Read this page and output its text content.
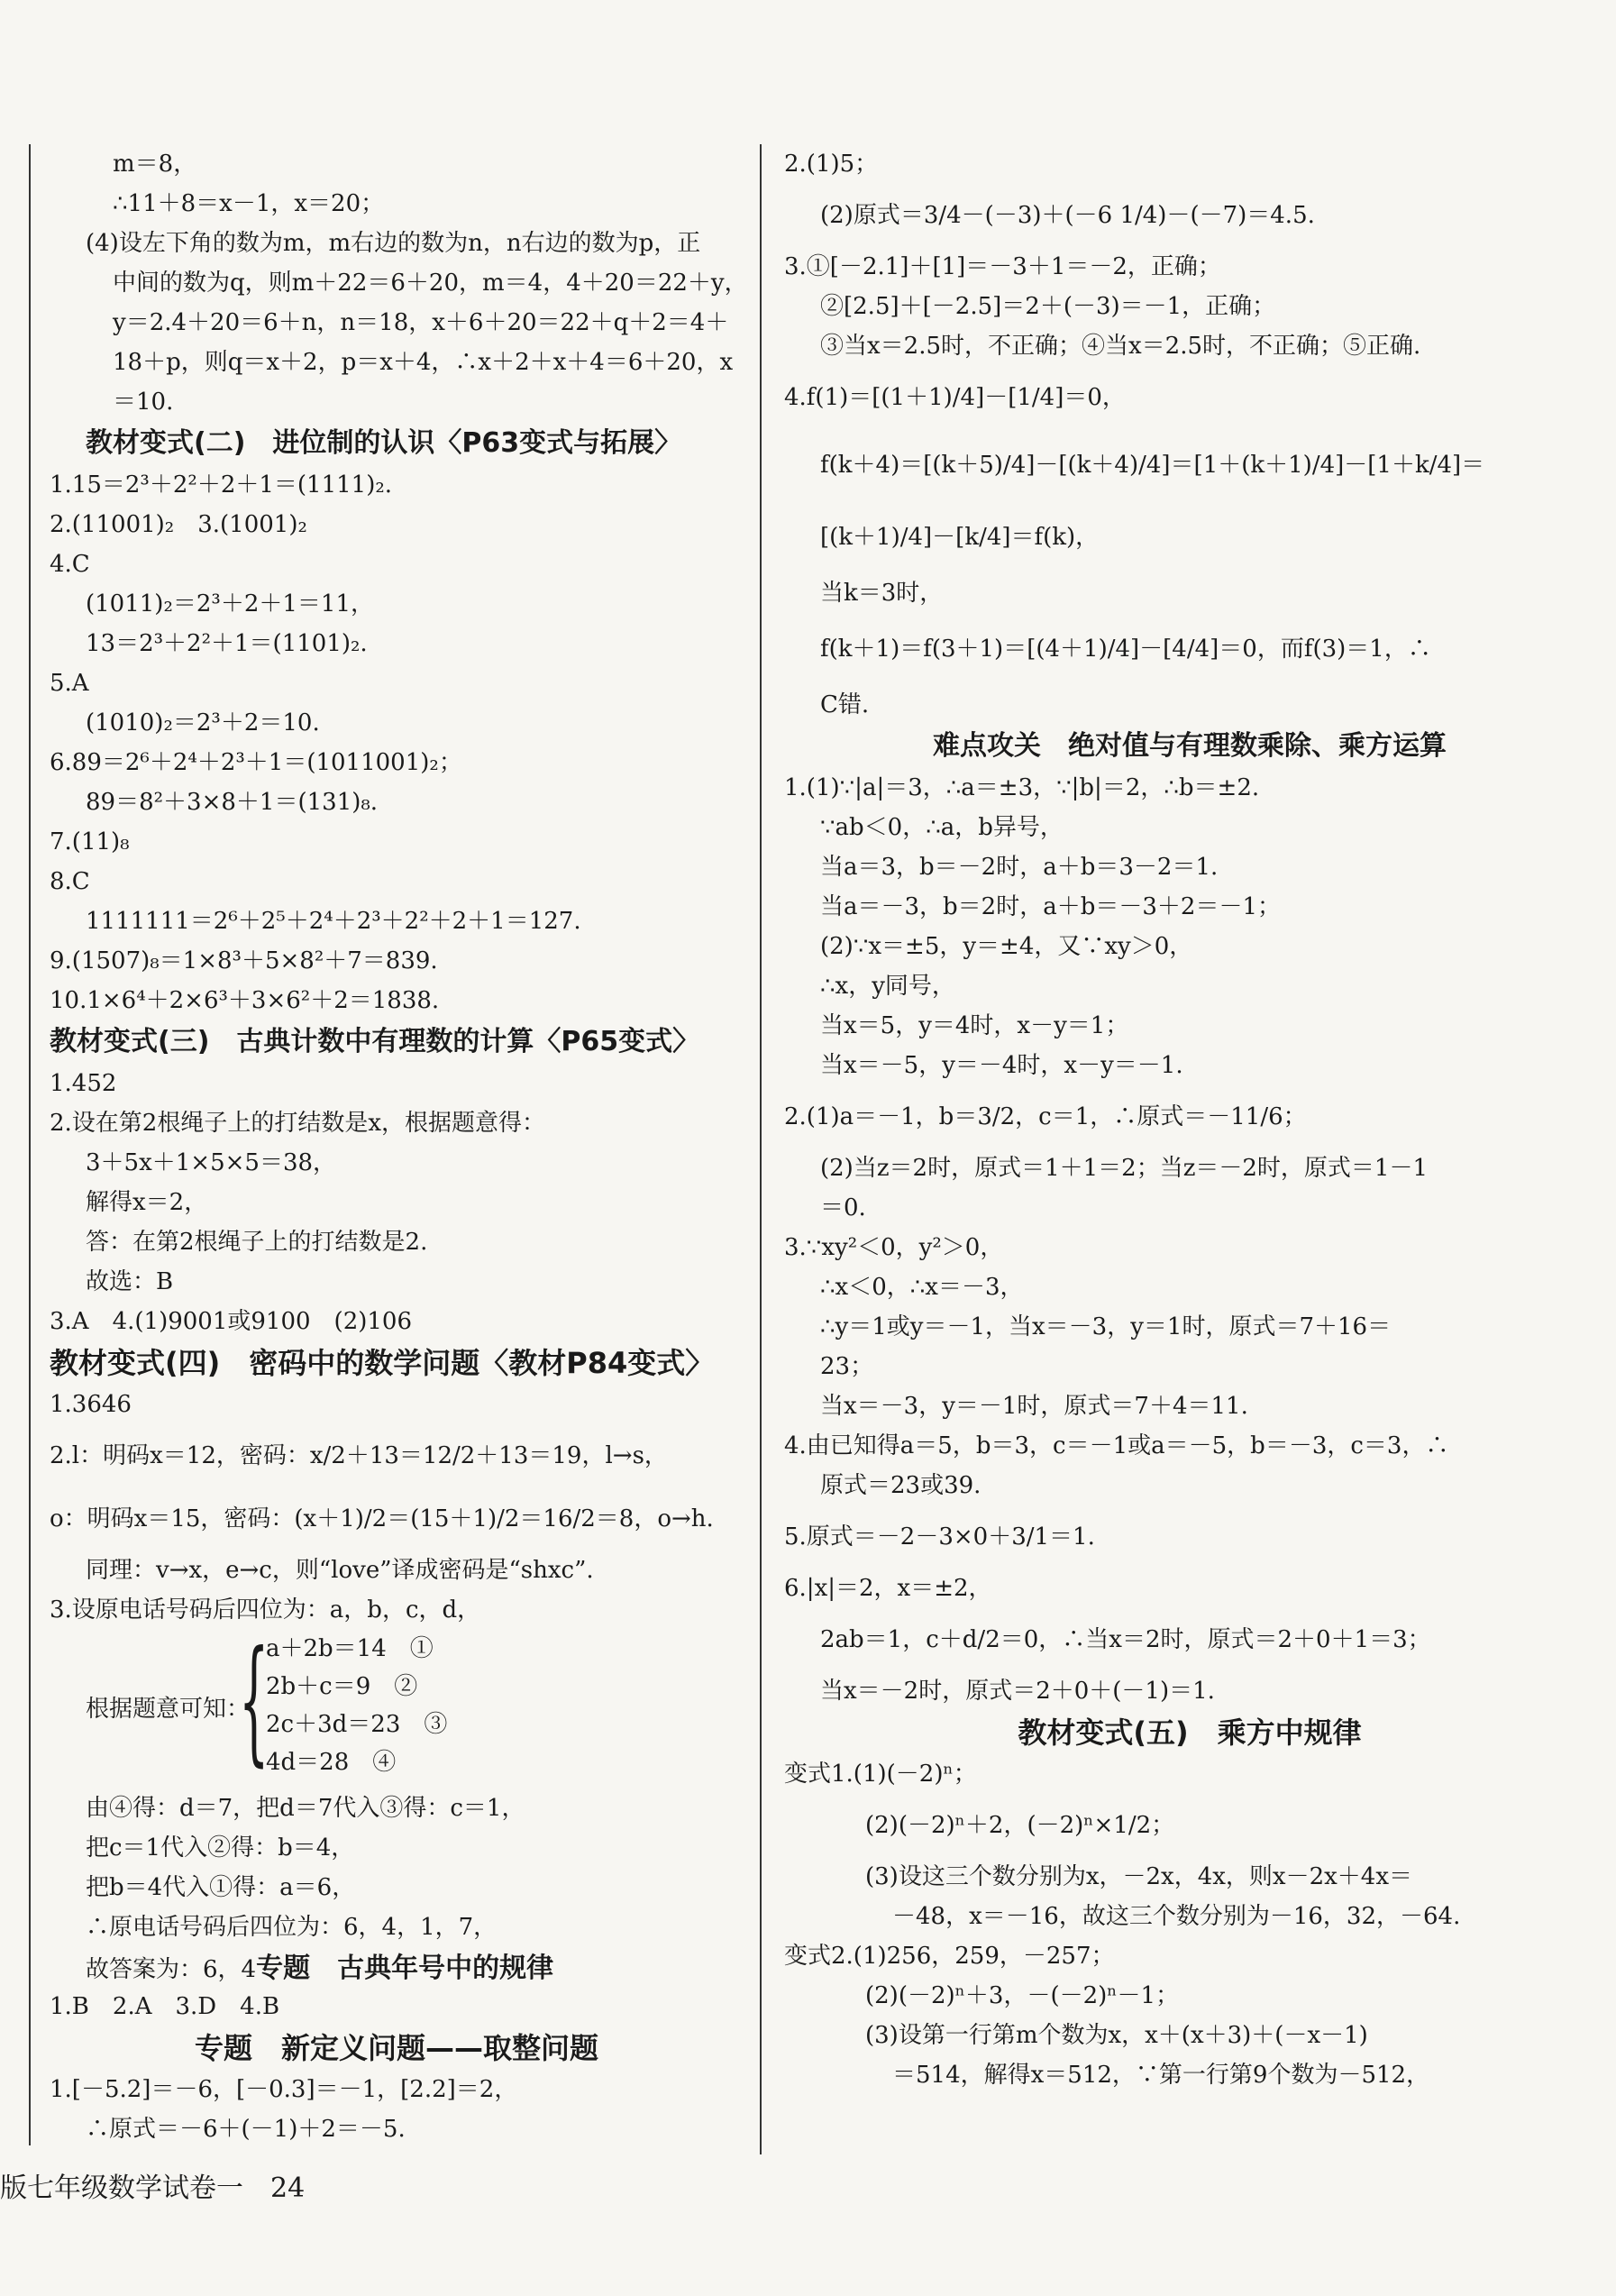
m＝8，
∴11＋8＝x－1，x＝20；
(4)设左下角的数为m，m右边的数为n，n右边的数为p，正
中间的数为q，则m＋22＝6＋20，m＝4，4＋20＝22＋y，
y＝2.4＋20＝6＋n，n＝18，x＋6＋20＝22＋q＋2＝4＋
18＋p，则q＝x＋2，p＝x＋4，∴x＋2＋x＋4＝6＋20，x
＝10.
教材变式(二)　进位制的认识〈P63变式与拓展〉
1.15＝2³＋2²＋2＋1＝(1111)₂.
2.(11001)₂　3.(1001)₂
4.C
(1011)₂＝2³＋2＋1＝11，
13＝2³＋2²＋1＝(1101)₂.
5.A
(1010)₂＝2³＋2＝10.
6.89＝2⁶＋2⁴＋2³＋1＝(1011001)₂；
89＝8²＋3×8＋1＝(131)₈.
7.(11)₈
8.C
1111111＝2⁶＋2⁵＋2⁴＋2³＋2²＋2＋1＝127.
9.(1507)₈＝1×8³＋5×8²＋7＝839.
10.1×6⁴＋2×6³＋3×6²＋2＝1838.
教材变式(三)　古典计数中有理数的计算〈P65变式〉
1.452
2.设在第2根绳子上的打结数是x，根据题意得：
3＋5x＋1×5×5＝38，
解得x＝2，
答：在第2根绳子上的打结数是2.
故选：B
3.A　4.(1)9001或9100　(2)106
教材变式(四)　密码中的数学问题〈教材P84变式〉
1.3646
2.l：明码x＝12，密码：x/2＋13＝12/2＋13＝19，l→s，
o：明码x＝15，密码：(x＋1)/2＝(15＋1)/2＝16/2＝8，o→h.
同理：v→x，e→c，则“love”译成密码是“shxc”.
3.设原电话号码后四位为：a，b，c，d，
根据题意可知：
{
a＋2b＝14　①
2b＋c＝9　②
2c＋3d＝23　③
4d＝28　④
由④得：d＝7，把d＝7代入③得：c＝1，
把c＝1代入②得：b＝4，
把b＝4代入①得：a＝6，
∴原电话号码后四位为：6，4，1，7，
故答案为：6，4专题　古典年号中的规律
1.B　2.A　3.D　4.B
专题　新定义问题——取整问题
1.[－5.2]＝－6，[－0.3]＝－1，[2.2]＝2，
∴原式＝－6＋(－1)＋2＝－5.
2.(1)5；
(2)原式＝3/4－(－3)＋(－6 1/4)－(－7)＝4.5.
3.①[－2.1]＋[1]＝－3＋1＝－2，正确；
②[2.5]＋[－2.5]＝2＋(－3)＝－1，正确；
③当x＝2.5时，不正确；④当x＝2.5时，不正确；⑤正确.
4.f(1)＝[(1＋1)/4]－[1/4]＝0，
f(k＋4)＝[(k＋5)/4]－[(k＋4)/4]＝[1＋(k＋1)/4]－[1＋k/4]＝
[(k＋1)/4]－[k/4]＝f(k)，
当k＝3时，
f(k＋1)＝f(3＋1)＝[(4＋1)/4]－[4/4]＝0，而f(3)＝1，∴
C错.
难点攻关　绝对值与有理数乘除、乘方运算
1.(1)∵|a|＝3，∴a＝±3，∵|b|＝2，∴b＝±2.
∵ab＜0，∴a，b异号，
当a＝3，b＝－2时，a＋b＝3－2＝1.
当a＝－3，b＝2时，a＋b＝－3＋2＝－1；
(2)∵x＝±5，y＝±4，又∵xy＞0，
∴x，y同号，
当x＝5，y＝4时，x－y＝1；
当x＝－5，y＝－4时，x－y＝－1.
2.(1)a＝－1，b＝3/2，c＝1，∴原式＝－11/6；
(2)当z＝2时，原式＝1＋1＝2；当z＝－2时，原式＝1－1
＝0.
3.∵xy²＜0，y²＞0，
∴x＜0，∴x＝－3，
∴y＝1或y＝－1，当x＝－3，y＝1时，原式＝7＋16＝
23；
当x＝－3，y＝－1时，原式＝7＋4＝11.
4.由已知得a＝5，b＝3，c＝－1或a＝－5，b＝－3，c＝3，∴
原式＝23或39.
5.原式＝－2－3×0＋3/1＝1.
6.|x|＝2，x＝±2，
2ab＝1，c＋d/2＝0，∴当x＝2时，原式＝2＋0＋1＝3；
当x＝－2时，原式＝2＋0＋(－1)＝1.
教材变式(五)　乘方中规律
变式1.(1)(－2)ⁿ；
(2)(－2)ⁿ＋2，(－2)ⁿ×1/2；
(3)设这三个数分别为x，－2x，4x，则x－2x＋4x＝
－48，x＝－16，故这三个数分别为－16，32，－64.
变式2.(1)256，259，－257；
(2)(－2)ⁿ＋3，－(－2)ⁿ－1；
(3)设第一行第m个数为x，x＋(x＋3)＋(－x－1)
＝514，解得x＝512，∵第一行第9个数为－512，
版七年级数学试卷一　24
